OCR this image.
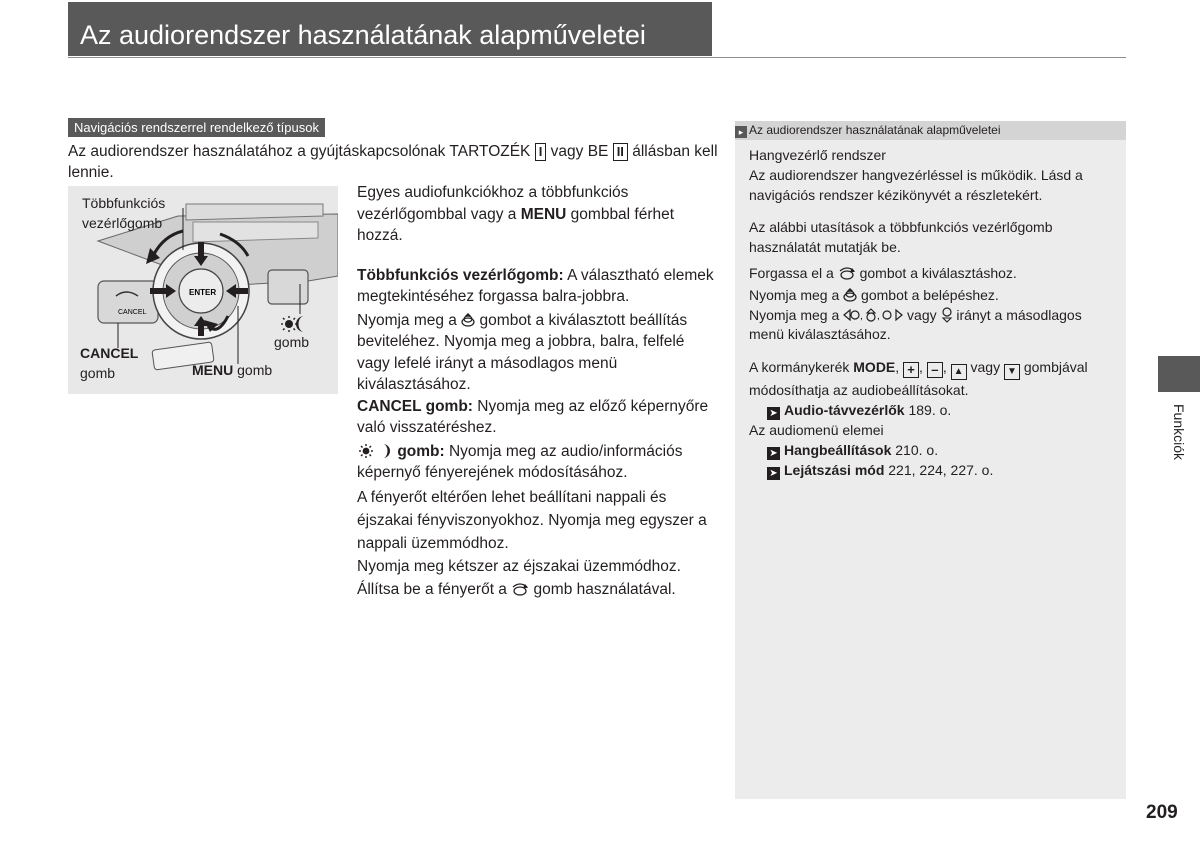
Az audiorendszer használatának alapműveletei
Navigációs rendszerrel rendelkező típusok
Az audiorendszer használatához a gyújtáskapcsolónak TARTOZÉK I vagy BE II állásban kell lennie.
CANCEL
ENTER
Többfunkciós
vezérlőgomb
CANCEL
gomb	MENU gomb
gomb

Egyes audiofunkciókhoz a többfunkciós vezérlőgombbal vagy a MENU gombbal férhet hozzá.

Többfunkciós vezérlőgomb: A választható elemek megtekintéséhez forgassa balra-jobbra.

Nyomja meg a  gombot a kiválasztott beállítás beviteléhez. Nyomja meg a jobbra, balra, felfelé vagy lefelé irányt a másodlagos menü kiválasztásához.

CANCEL gomb: Nyomja meg az előző képernyőre való visszatéréshez.

gomb: Nyomja meg az audio/információs képernyő fényerejének módosításához.

A fényerőt eltérően lehet beállítani nappali és éjszakai fényviszonyokhoz. Nyomja meg egyszer a nappali üzemmódhoz.

Nyomja meg kétszer az éjszakai üzemmódhoz.

Állítsa be a fényerőt a  gomb használatával.

▸ Az audiorendszer használatának alapműveletei

Hangvezérlő rendszer

Az audiorendszer hangvezérléssel is működik. Lásd a navigációs rendszer kézikönyvét a részletekért.

Az alábbi utasítások a többfunkciós vezérlőgomb használatát mutatják be.

Forgassa el a  gombot a kiválasztáshoz.

Nyomja meg a  gombot a belépéshez.

Nyomja meg a , , vagy  irányt a másodlagos menü kiválasztásához.

A kormánykerék MODE, + , – , ▲ vagy ▼ gombjával módosíthatja az audiobeállításokat.

➤ Audio-távvezérlők 189. o.

Az audiomenü elemei

➤ Hangbeállítások 210. o.

➤ Lejátszási mód 221, 224, 227. o.

Funkciók
209
